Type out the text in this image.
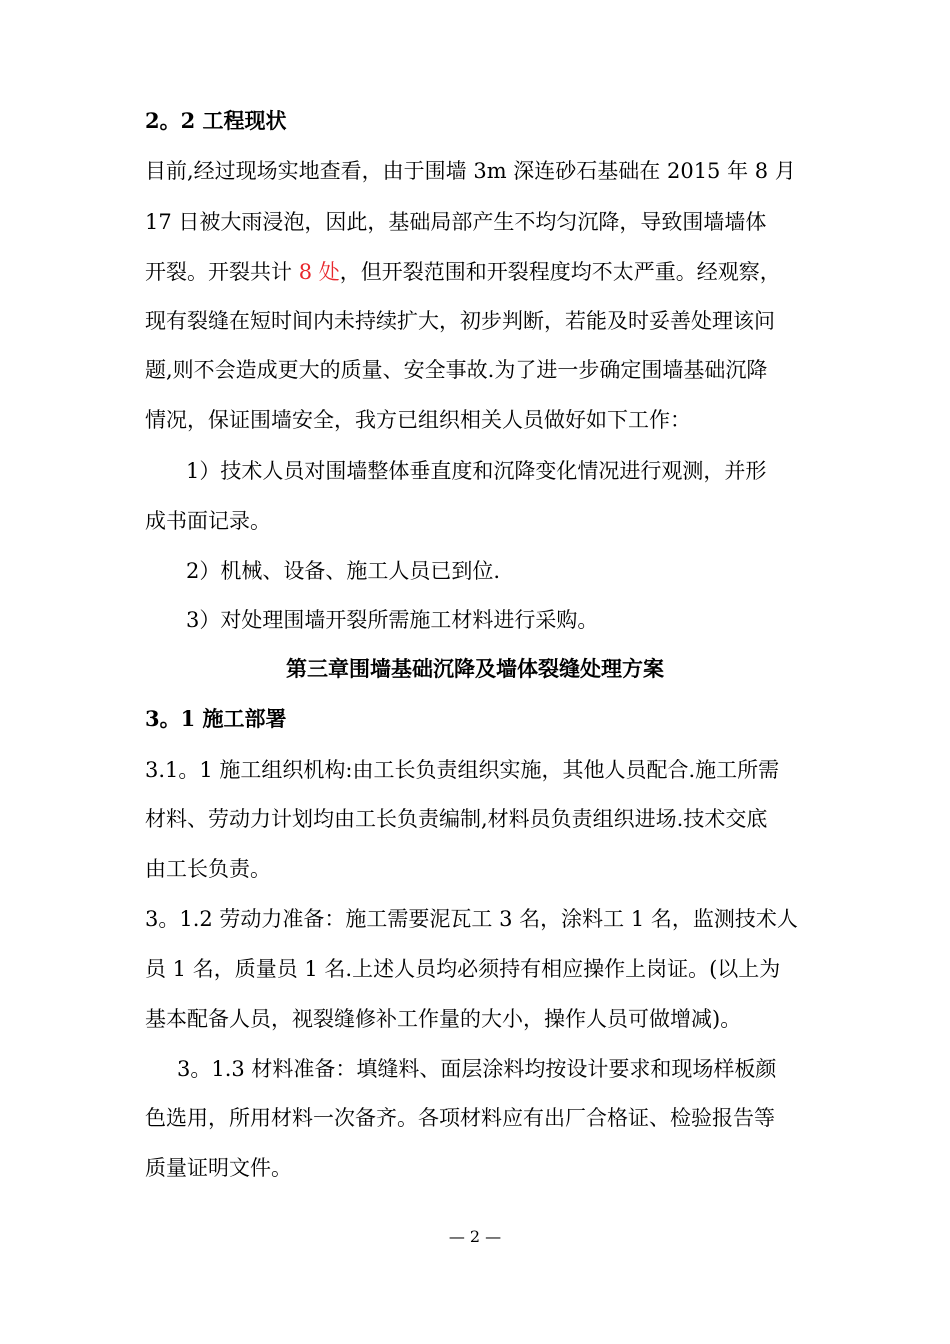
2。2 工程现状
目前,经过现场实地查看，由于围墙 3m 深连砂石基础在 2015 年 8 月
17 日被大雨浸泡，因此，基础局部产生不均匀沉降，导致围墙墙体
开裂。开裂共计 8 处，但开裂范围和开裂程度均不太严重。经观察，
现有裂缝在短时间内未持续扩大，初步判断，若能及时妥善处理该问
题,则不会造成更大的质量、安全事故.为了进一步确定围墙基础沉降
情况，保证围墙安全，我方已组织相关人员做好如下工作：
1）技术人员对围墙整体垂直度和沉降变化情况进行观测，并形
成书面记录。
2）机械、设备、施工人员已到位.
3）对处理围墙开裂所需施工材料进行采购。
第三章围墙基础沉降及墙体裂缝处理方案
3。1 施工部署
3.1。1 施工组织机构:由工长负责组织实施，其他人员配合.施工所需
材料、劳动力计划均由工长负责编制,材料员负责组织进场.技术交底
由工长负责。
3。1.2 劳动力准备：施工需要泥瓦工 3 名，涂料工 1 名，监测技术人
员 1 名，质量员 1 名.上述人员均必须持有相应操作上岗证。(以上为
基本配备人员，视裂缝修补工作量的大小，操作人员可做增减)。
3。1.3 材料准备：填缝料、面层涂料均按设计要求和现场样板颜
色选用，所用材料一次备齐。各项材料应有出厂合格证、检验报告等
质量证明文件。
— 2 —
